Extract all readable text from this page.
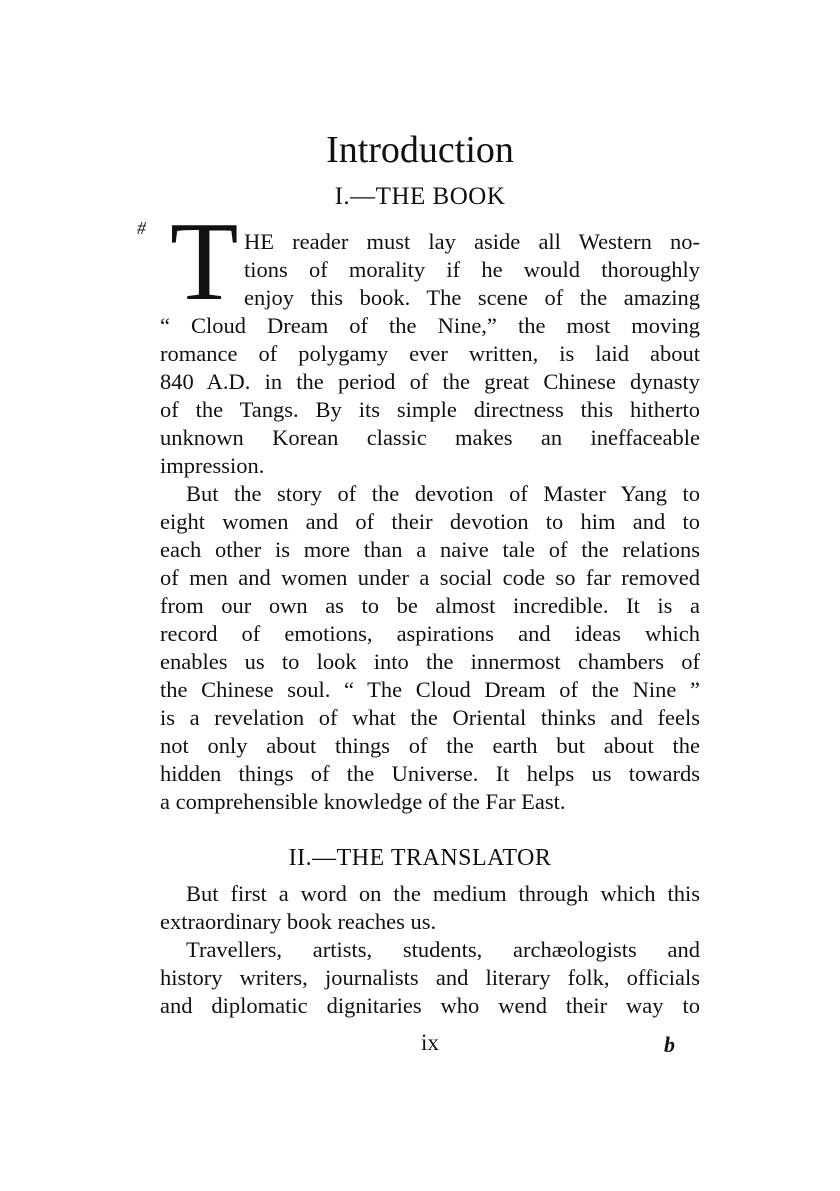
Introduction
I.—THE BOOK
# T HE reader must lay aside all Western no-
tions of morality if he would thoroughly
enjoy this book. The scene of the amazing
“ Cloud Dream of the Nine,” the most moving
romance of polygamy ever written, is laid about
840 A.D. in the period of the great Chinese dynasty
of the Tangs. By its simple directness this hitherto
unknown Korean classic makes an ineffaceable
impression.
But the story of the devotion of Master Yang to
eight women and of their devotion to him and to
each other is more than a naive tale of the relations
of men and women under a social code so far removed
from our own as to be almost incredible. It is a
record of emotions, aspirations and ideas which
enables us to look into the innermost chambers of
the Chinese soul. “ The Cloud Dream of the Nine ”
is a revelation of what the Oriental thinks and feels
not only about things of the earth but about the
hidden things of the Universe. It helps us towards
a comprehensible knowledge of the Far East.
II.—THE TRANSLATOR
But first a word on the medium through which this
extraordinary book reaches us.
Travellers, artists, students, archæologists and
history writers, journalists and literary folk, officials
and diplomatic dignitaries who wend their way to
ix	b
